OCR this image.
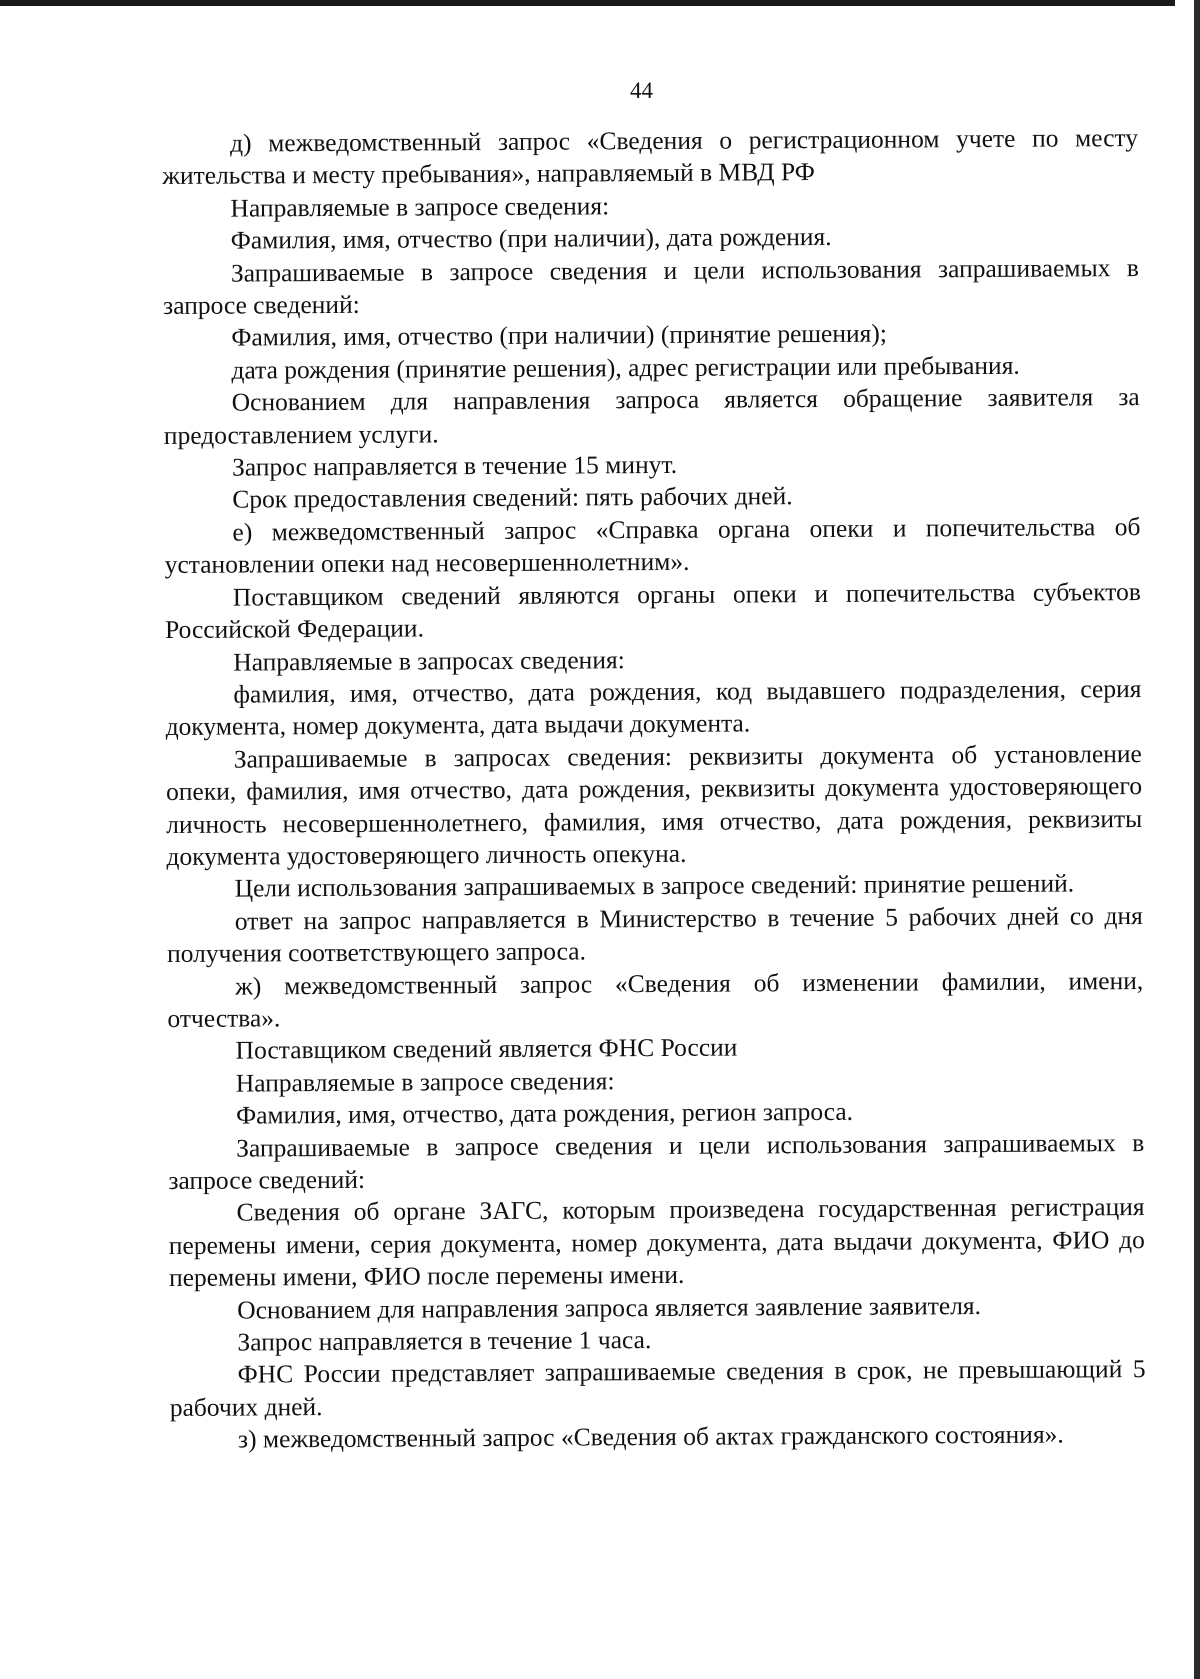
44

д) межведомственный запрос «Сведения о регистрационном учете по месту жительства и месту пребывания», направляемый в МВД РФ

Направляемые в запросе сведения:

Фамилия, имя, отчество (при наличии), дата рождения.

Запрашиваемые в запросе сведения и цели использования запрашиваемых в запросе сведений:

Фамилия, имя, отчество (при наличии) (принятие решения);

дата рождения (принятие решения), адрес регистрации или пребывания.

Основанием для направления запроса является обращение заявителя за предоставлением услуги.

Запрос направляется в течение 15 минут.

Срок предоставления сведений: пять рабочих дней.

е) межведомственный запрос «Справка органа опеки и попечительства об установлении опеки над несовершеннолетним».

Поставщиком сведений являются органы опеки и попечительства субъектов Российской Федерации.

Направляемые в запросах сведения:

фамилия, имя, отчество, дата рождения, код выдавшего подразделения, серия документа, номер документа, дата выдачи документа.

Запрашиваемые в запросах сведения: реквизиты документа об установление опеки, фамилия, имя отчество, дата рождения, реквизиты документа удостоверяющего личность несовершеннолетнего, фамилия, имя отчество, дата рождения, реквизиты документа удостоверяющего личность опекуна.

Цели использования запрашиваемых в запросе сведений: принятие решений.

ответ на запрос направляется в Министерство в течение 5 рабочих дней со дня получения соответствующего запроса.

ж) межведомственный запрос «Сведения об изменении фамилии, имени, отчества».

Поставщиком сведений является ФНС России

Направляемые в запросе сведения:

Фамилия, имя, отчество, дата рождения, регион запроса.

Запрашиваемые в запросе сведения и цели использования запрашиваемых в запросе сведений:

Сведения об органе ЗАГС, которым произведена государственная регистрация перемены имени, серия документа, номер документа, дата выдачи документа, ФИО до перемены имени, ФИО после перемены имени.

Основанием для направления запроса является заявление заявителя.

Запрос направляется в течение 1 часа.

ФНС России представляет запрашиваемые сведения в срок, не превышающий 5 рабочих дней.

з) межведомственный запрос «Сведения об актах гражданского состояния».
